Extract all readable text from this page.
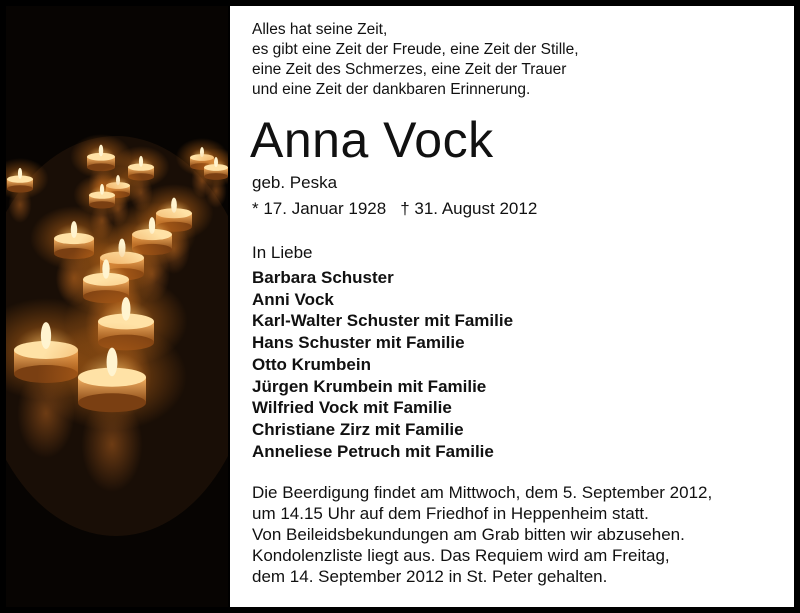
Alles hat seine Zeit,
es gibt eine Zeit der Freude, eine Zeit der Stille,
eine Zeit des Schmerzes, eine Zeit der Trauer
und eine Zeit der dankbaren Erinnerung.
Anna Vock
geb. Peska
* 17. Januar 1928 † 31. August 2012
In Liebe
Barbara Schuster
Anni Vock
Karl-Walter Schuster mit Familie
Hans Schuster mit Familie
Otto Krumbein
Jürgen Krumbein mit Familie
Wilfried Vock mit Familie
Christiane Zirz mit Familie
Anneliese Petruch mit Familie
Die Beerdigung findet am Mittwoch, dem 5. September 2012,
um 14.15 Uhr auf dem Friedhof in Heppenheim statt.
Von Beileidsbekundungen am Grab bitten wir abzusehen.
Kondolenzliste liegt aus. Das Requiem wird am Freitag,
dem 14. September 2012 in St. Peter gehalten.
